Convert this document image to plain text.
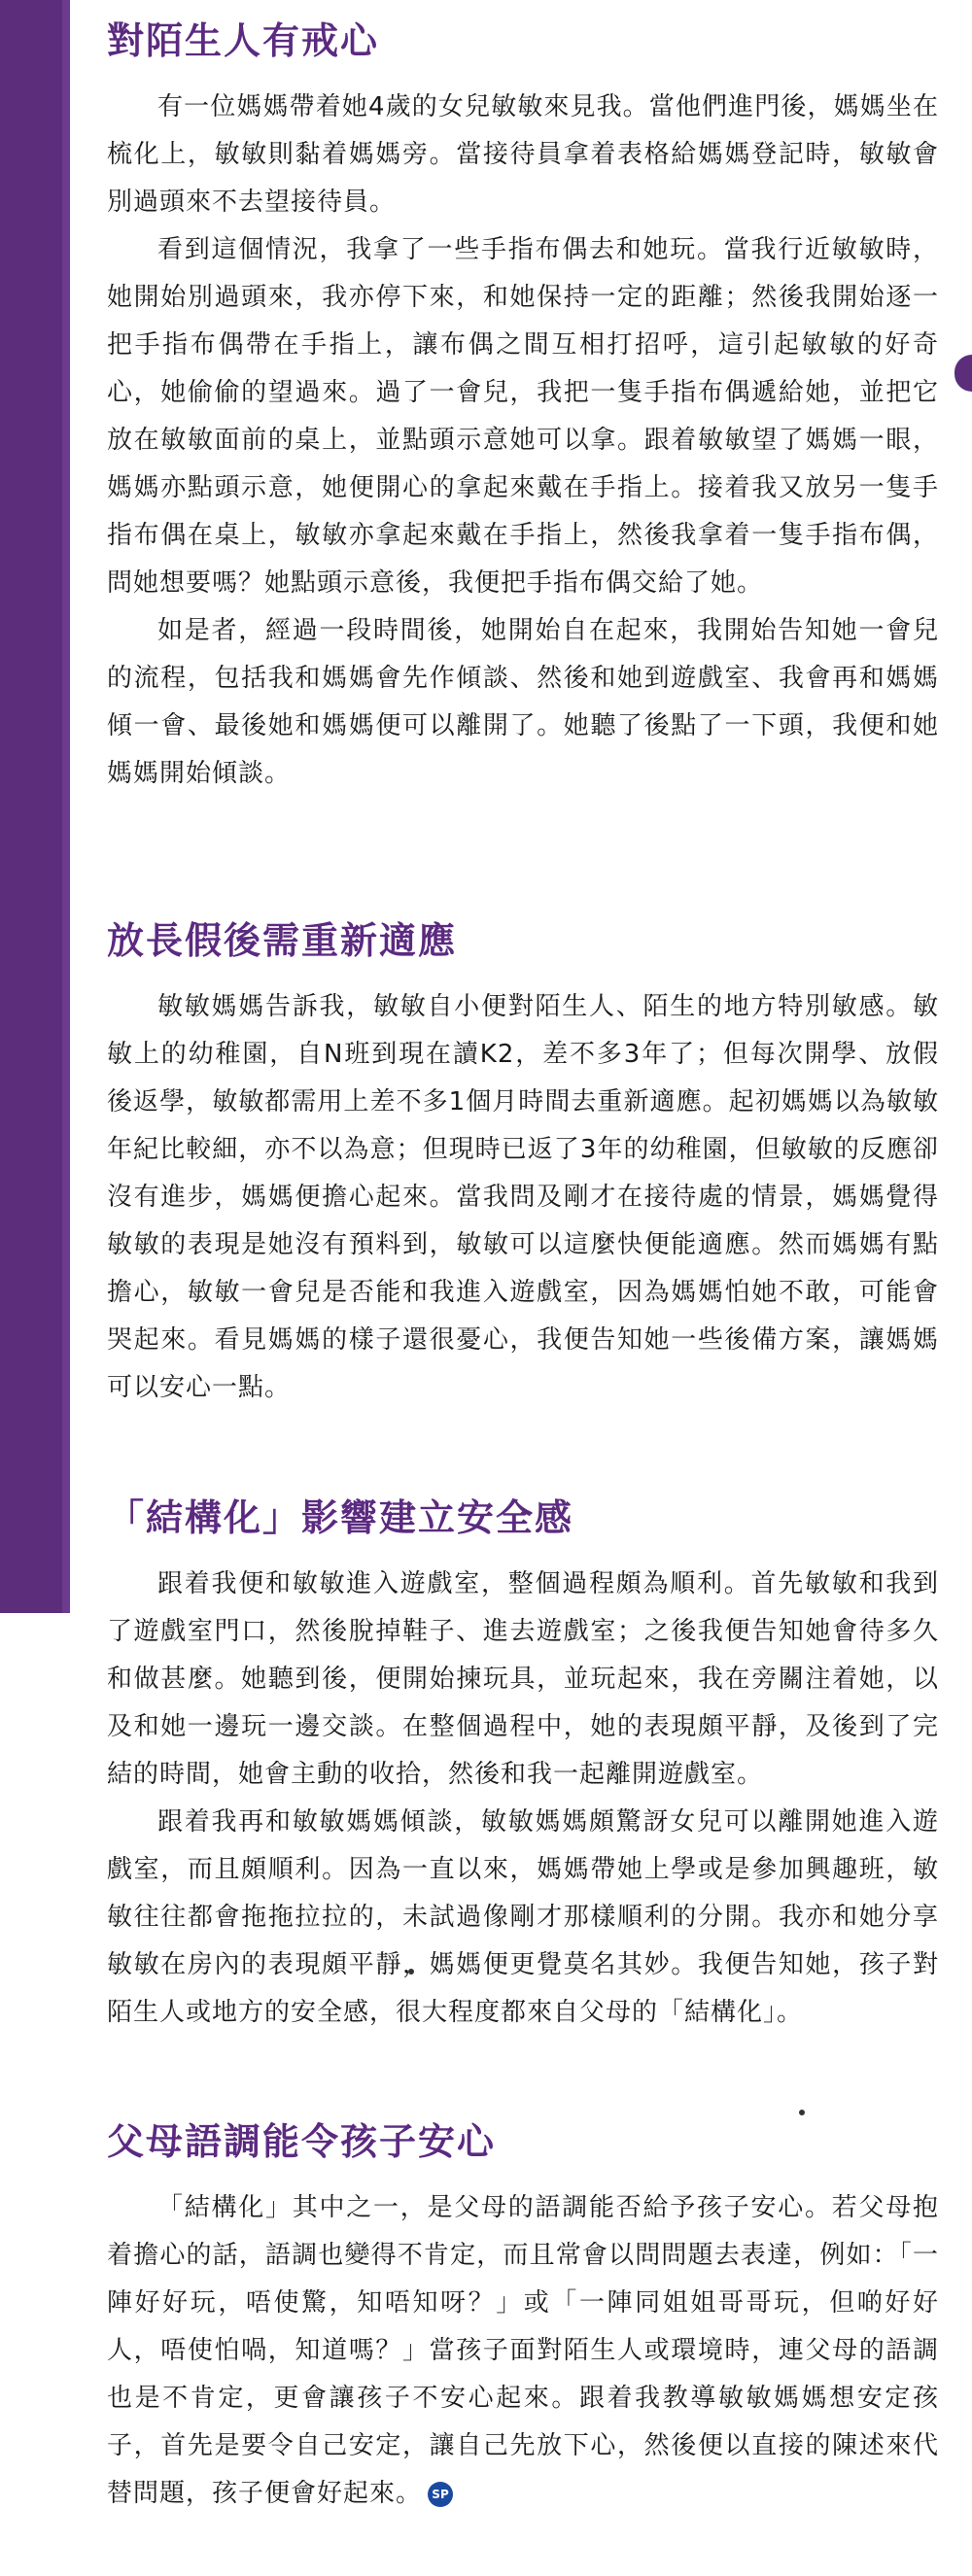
對陌生人有戒心

有一位媽媽帶着她4歲的女兒敏敏來見我。當他們進門後，媽媽坐在梳化上，敏敏則黏着媽媽旁。當接待員拿着表格給媽媽登記時，敏敏會別過頭來不去望接待員。

看到這個情況，我拿了一些手指布偶去和她玩。當我行近敏敏時，她開始別過頭來，我亦停下來，和她保持一定的距離；然後我開始逐一把手指布偶帶在手指上，讓布偶之間互相打招呼，這引起敏敏的好奇心，她偷偷的望過來。過了一會兒，我把一隻手指布偶遞給她，並把它放在敏敏面前的桌上，並點頭示意她可以拿。跟着敏敏望了媽媽一眼，媽媽亦點頭示意，她便開心的拿起來戴在手指上。接着我又放另一隻手指布偶在桌上，敏敏亦拿起來戴在手指上，然後我拿着一隻手指布偶，問她想要嗎？她點頭示意後，我便把手指布偶交給了她。

如是者，經過一段時間後，她開始自在起來，我開始告知她一會兒的流程，包括我和媽媽會先作傾談、然後和她到遊戲室、我會再和媽媽傾一會、最後她和媽媽便可以離開了。她聽了後點了一下頭，我便和她媽媽開始傾談。

放長假後需重新適應

敏敏媽媽告訴我，敏敏自小便對陌生人、陌生的地方特別敏感。敏敏上的幼稚園，自N班到現在讀K2，差不多3年了；但每次開學、放假後返學，敏敏都需用上差不多1個月時間去重新適應。起初媽媽以為敏敏年紀比較細，亦不以為意；但現時已返了3年的幼稚園，但敏敏的反應卻沒有進步，媽媽便擔心起來。當我問及剛才在接待處的情景，媽媽覺得敏敏的表現是她沒有預料到，敏敏可以這麼快便能適應。然而媽媽有點擔心，敏敏一會兒是否能和我進入遊戲室，因為媽媽怕她不敢，可能會哭起來。看見媽媽的樣子還很憂心，我便告知她一些後備方案，讓媽媽可以安心一點。

「結構化」影響建立安全感

跟着我便和敏敏進入遊戲室，整個過程頗為順利。首先敏敏和我到了遊戲室門口，然後脫掉鞋子、進去遊戲室；之後我便告知她會待多久和做甚麼。她聽到後，便開始揀玩具，並玩起來，我在旁關注着她，以及和她一邊玩一邊交談。在整個過程中，她的表現頗平靜，及後到了完結的時間，她會主動的收拾，然後和我一起離開遊戲室。

跟着我再和敏敏媽媽傾談，敏敏媽媽頗驚訝女兒可以離開她進入遊戲室，而且頗順利。因為一直以來，媽媽帶她上學或是參加興趣班，敏敏往往都會拖拖拉拉的，未試過像剛才那樣順利的分開。我亦和她分享敏敏在房內的表現頗平靜，媽媽便更覺莫名其妙。我便告知她，孩子對陌生人或地方的安全感，很大程度都來自父母的「結構化」。

父母語調能令孩子安心

「結構化」其中之一，是父母的語調能否給予孩子安心。若父母抱着擔心的話，語調也變得不肯定，而且常會以問問題去表達，例如：「一陣好好玩，唔使驚，知唔知呀？」或「一陣同姐姐哥哥玩，但啲好好人，唔使怕喎，知道嗎？」當孩子面對陌生人或環境時，連父母的語調也是不肯定，更會讓孩子不安心起來。跟着我教導敏敏媽媽想安定孩子，首先是要令自己安定，讓自己先放下心，然後便以直接的陳述來代替問題，孩子便會好起來。 SP
